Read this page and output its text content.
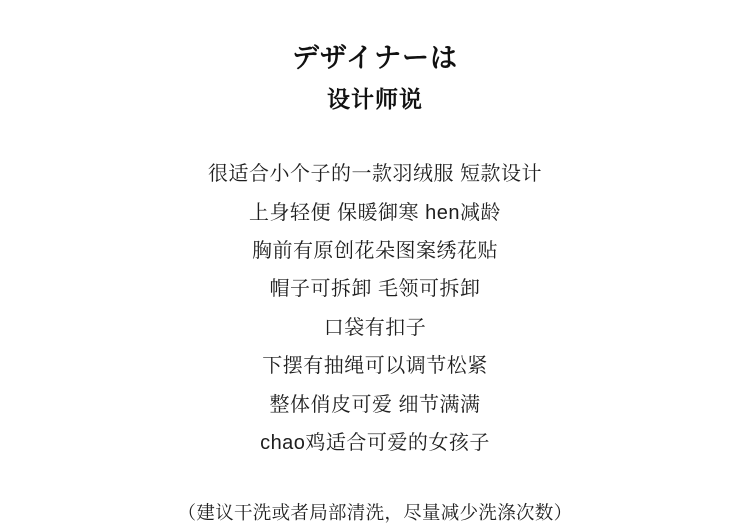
デザイナーは
设计师说
很适合小个子的一款羽绒服 短款设计
上身轻便 保暖御寒 hen减龄
胸前有原创花朵图案绣花贴
帽子可拆卸 毛领可拆卸
口袋有扣子
下摆有抽绳可以调节松紧
整体俏皮可爱 细节满满
chao鸡适合可爱的女孩子
（建议干洗或者局部清洗，尽量减少洗涤次数）
